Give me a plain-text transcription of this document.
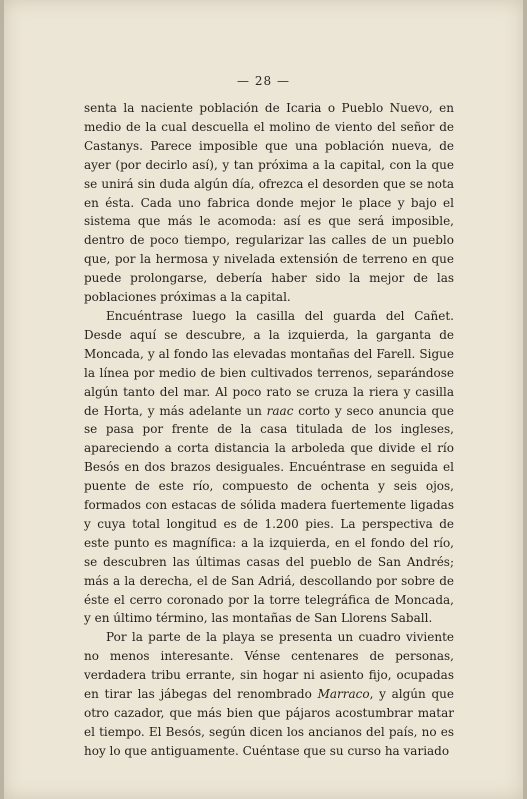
— 28 —

senta la naciente población de Icaria o Pueblo Nuevo, en medio de la cual descuella el molino de viento del señor de Castanys. Parece imposible que una población nueva, de ayer (por decirlo así), y tan próxima a la capital, con la que se unirá sin duda algún día, ofrezca el desorden que se nota en ésta. Cada uno fabrica donde mejor le place y bajo el sistema que más le acomoda: así es que será imposible, dentro de poco tiempo, regularizar las calles de un pueblo que, por la hermosa y nivelada extensión de terreno en que puede prolongarse, debería haber sido la mejor de las poblaciones próximas a la capital.

Encuéntrase luego la casilla del guarda del Cañet. Desde aquí se descubre, a la izquierda, la garganta de Moncada, y al fondo las elevadas montañas del Farell. Sigue la línea por medio de bien cultivados terrenos, separándose algún tanto del mar. Al poco rato se cruza la riera y casilla de Horta, y más adelante un raac corto y seco anuncia que se pasa por frente de la casa titulada de los ingleses, apareciendo a corta distancia la arboleda que divide el río Besós en dos brazos desiguales. Encuéntrase en seguida el puente de este río, compuesto de ochenta y seis ojos, formados con estacas de sólida madera fuertemente ligadas y cuya total longitud es de 1.200 pies. La perspectiva de este punto es magnífica: a la izquierda, en el fondo del río, se descubren las últimas casas del pueblo de San Andrés; más a la derecha, el de San Adriá, descollando por sobre de éste el cerro coronado por la torre telegráfica de Moncada, y en último término, las montañas de San Llorens Saball.

Por la parte de la playa se presenta un cuadro viviente no menos interesante. Vénse centenares de personas, verdadera tribu errante, sin hogar ni asiento fijo, ocupadas en tirar las jábegas del renombrado Marraco, y algún que otro cazador, que más bien que pájaros acostumbrar matar el tiempo. El Besós, según dicen los ancianos del país, no es hoy lo que antiguamente. Cuéntase que su curso ha variado
